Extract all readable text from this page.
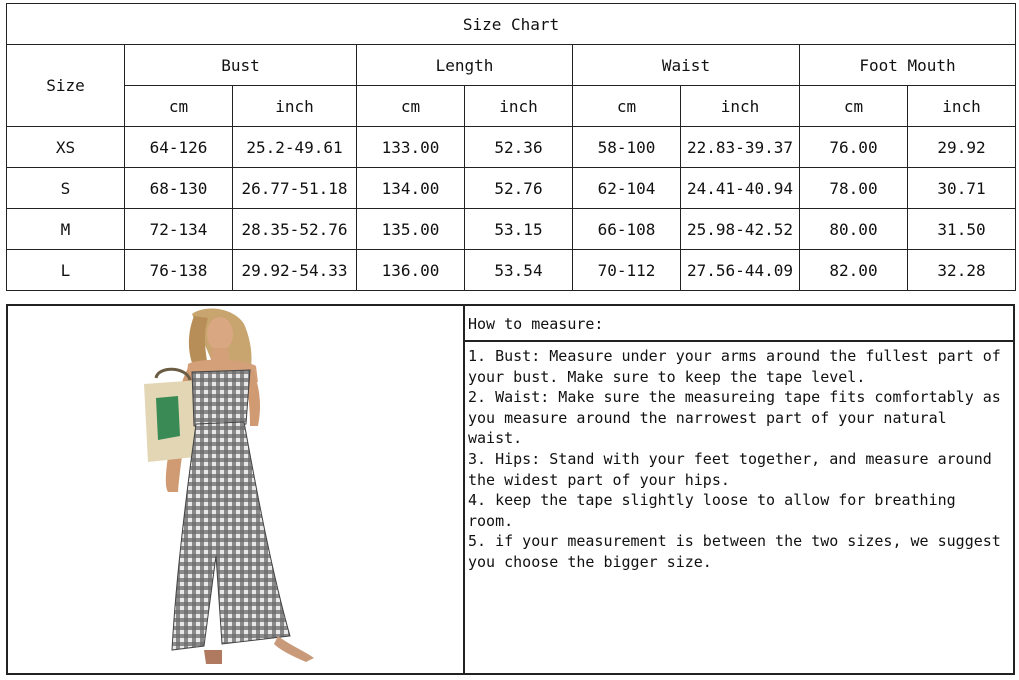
Size Chart								
Size	Bust		Length		Waist		Foot Mouth	
	cm	inch	cm	inch	cm	inch	cm	inch
XS	64-126	25.2-49.61	133.00	52.36	58-100	22.83-39.37	76.00	29.92
S	68-130	26.77-51.18	134.00	52.76	62-104	24.41-40.94	78.00	30.71
M	72-134	28.35-52.76	135.00	53.15	66-108	25.98-42.52	80.00	31.50
L	76-138	29.92-54.33	136.00	53.54	70-112	27.56-44.09	82.00	32.28
How to measure:

1. Bust: Measure under your arms around the fullest part of your bust. Make sure to keep the tape level.

2. Waist: Make sure the measureing tape fits comfortably as you measure around the narrowest part of your natural waist.

3. Hips: Stand with your feet together, and measure around the widest part of your hips.

4. keep the tape slightly loose to allow for breathing room.

5. if your measurement is between the two sizes, we suggest you choose the bigger size.
